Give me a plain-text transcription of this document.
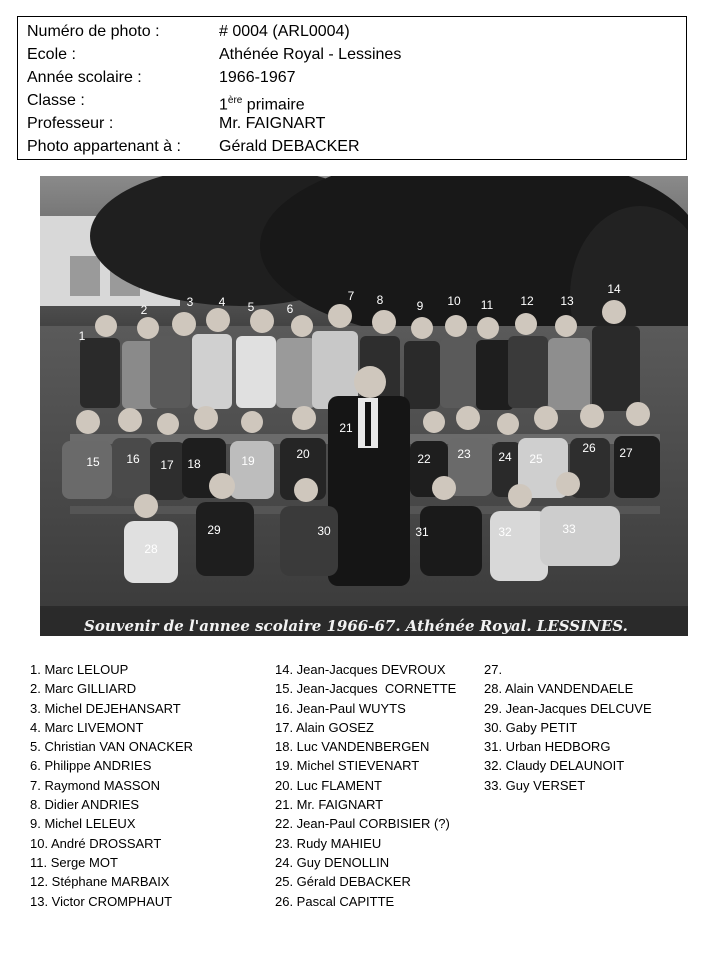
Numéro de photo :	# 0004 (ARL0004)
Ecole :	Athénée Royal - Lessines
Année scolaire :	1966-1967
Classe :	1ère primaire
Professeur :	Mr. FAIGNART
Photo appartenant à : Gérald DEBACKER
Souvenir de l'annee scolaire 1966-67. Athénée Royal. LESSINES.
1
2
3 4 5	6
7 8	9 10 11 12 13
14
15 16 17 18	19	20
21
22 23 24 25
26 27
28
29	30	31	32	33
1. Marc LELOUP
2. Marc GILLIARD
3. Michel DEJEHANSART
4. Marc LIVEMONT
5. Christian VAN ONACKER
6. Philippe ANDRIES
7. Raymond MASSON
8. Didier ANDRIES
9. Michel LELEUX
10. André DROSSART
11. Serge MOT
12. Stéphane MARBAIX
13. Victor CROMPHAUT
14. Jean-Jacques DEVROUX
15. Jean-Jacques  CORNETTE
16. Jean-Paul WUYTS
17. Alain GOSEZ
18. Luc VANDENBERGEN
19. Michel STIEVENART
20. Luc FLAMENT
21. Mr. FAIGNART
22. Jean-Paul CORBISIER (?)
23. Rudy MAHIEU
24. Guy DENOLLIN
25. Gérald DEBACKER
26. Pascal CAPITTE
27.
28. Alain VANDENDAELE
29. Jean-Jacques DELCUVE
30. Gaby PETIT
31. Urban HEDBORG
32. Claudy DELAUNOIT
33. Guy VERSET
